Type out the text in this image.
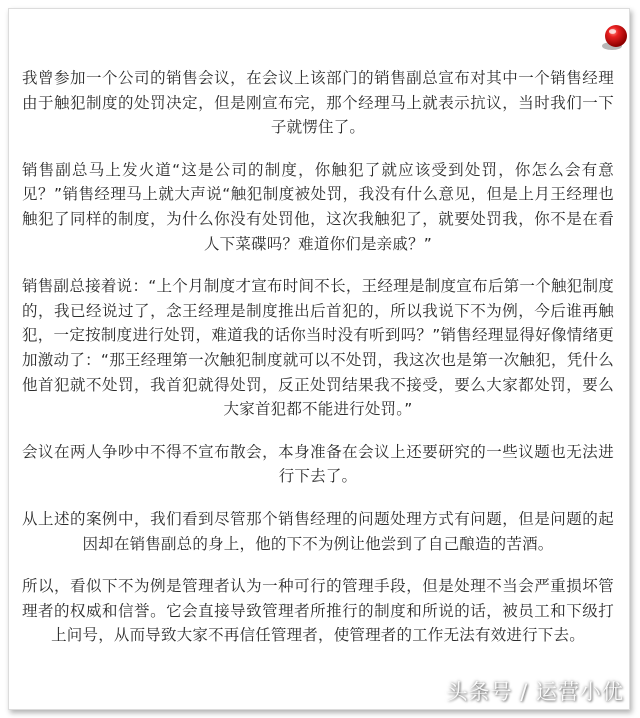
我曾参加一个公司的销售会议，在会议上该部门的销售副总宣布对其中一个销售经理由于触犯制度的处罚决定，但是刚宣布完，那个经理马上就表示抗议，当时我们一下子就愣住了。

销售副总马上发火道“这是公司的制度，你触犯了就应该受到处罚，你怎么会有意见？”销售经理马上就大声说“触犯制度被处罚，我没有什么意见，但是上月王经理也触犯了同样的制度，为什么你没有处罚他，这次我触犯了，就要处罚我，你不是在看人下菜碟吗？难道你们是亲戚？”

销售副总接着说：“上个月制度才宣布时间不长，王经理是制度宣布后第一个触犯制度的，我已经说过了，念王经理是制度推出后首犯的，所以我说下不为例，今后谁再触犯，一定按制度进行处罚，难道我的话你当时没有听到吗？”销售经理显得好像情绪更加激动了：“那王经理第一次触犯制度就可以不处罚，我这次也是第一次触犯，凭什么他首犯就不处罚，我首犯就得处罚，反正处罚结果我不接受，要么大家都处罚，要么大家首犯都不能进行处罚。”

会议在两人争吵中不得不宣布散会，本身准备在会议上还要研究的一些议题也无法进行下去了。

从上述的案例中，我们看到尽管那个销售经理的问题处理方式有问题，但是问题的起因却在销售副总的身上，他的下不为例让他尝到了自己酿造的苦酒。

所以，看似下不为例是管理者认为一种可行的管理手段，但是处理不当会严重损坏管理者的权威和信誉。它会直接导致管理者所推行的制度和所说的话，被员工和下级打上问号，从而导致大家不再信任管理者，使管理者的工作无法有效进行下去。

头条号 / 运营小优
